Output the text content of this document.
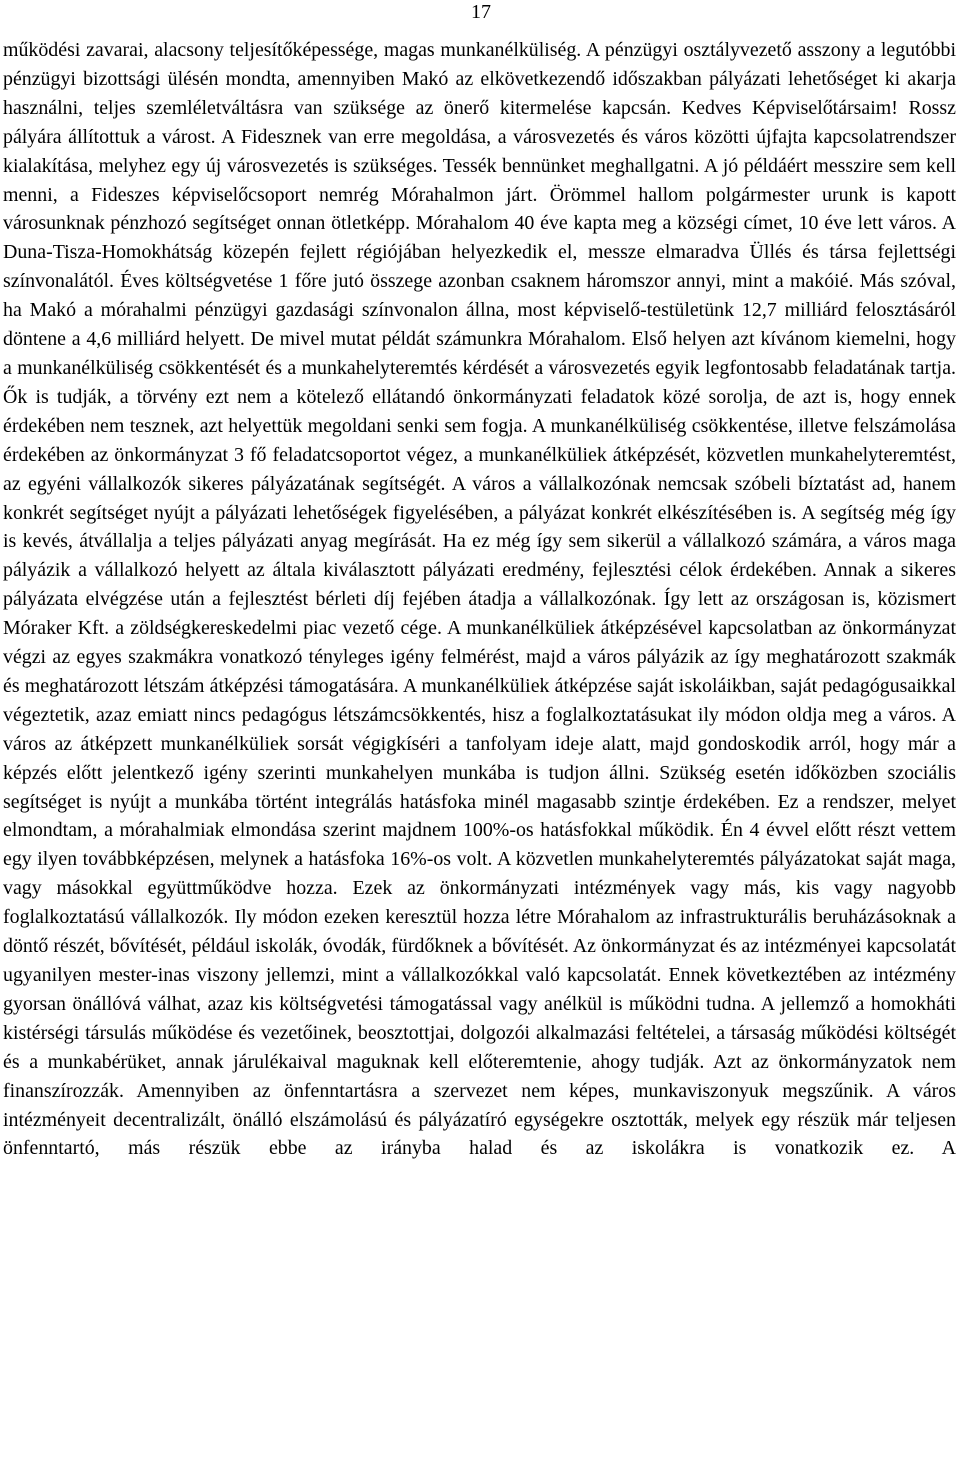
17

működési zavarai, alacsony teljesítőképessége, magas munkanélküliség. A pénzügyi osztályvezető asszony a legutóbbi pénzügyi bizottsági ülésén mondta, amennyiben Makó az elkövetkezendő időszakban pályázati lehetőséget ki akarja használni, teljes szemléletváltásra van szüksége az önerő kitermelése kapcsán. Kedves Képviselőtársaim! Rossz pályára állítottuk a várost. A Fidesznek van erre megoldása, a városvezetés és város közötti újfajta kapcsolatrendszer kialakítása, melyhez egy új városvezetés is szükséges. Tessék bennünket meghallgatni. A jó példáért messzire sem kell menni, a Fideszes képviselőcsoport nemrég Mórahalmon járt. Örömmel hallom polgármester urunk is kapott városunknak pénzhozó segítséget onnan ötletképp. Mórahalom 40 éve kapta meg a községi címet, 10 éve lett város. A Duna-Tisza-Homokhátság közepén fejlett régiójában helyezkedik el, messze elmaradva Üllés és társa fejlettségi színvonalától. Éves költségvetése 1 főre jutó összege azonban csaknem háromszor annyi, mint a makóié. Más szóval, ha Makó a mórahalmi pénzügyi gazdasági színvonalon állna, most képviselő-testületünk 12,7 milliárd felosztásáról döntene a 4,6 milliárd helyett. De mivel mutat példát számunkra Mórahalom. Első helyen azt kívánom kiemelni, hogy a munkanélküliség csökkentését és a munkahelyteremtés kérdését a városvezetés egyik legfontosabb feladatának tartja. Ők is tudják, a törvény ezt nem a kötelező ellátandó önkormányzati feladatok közé sorolja, de azt is, hogy ennek érdekében nem tesznek, azt helyettük megoldani senki sem fogja. A munkanélküliség csökkentése, illetve felszámolása érdekében az önkormányzat 3 fő feladatcsoportot végez, a munkanélküliek átképzését, közvetlen munkahelyteremtést, az egyéni vállalkozók sikeres pályázatának segítségét. A város a vállalkozónak nemcsak szóbeli bíztatást ad, hanem konkrét segítséget nyújt a pályázati lehetőségek figyelésében, a pályázat konkrét elkészítésében is. A segítség még így is kevés, átvállalja a teljes pályázati anyag megírását. Ha ez még így sem sikerül a vállalkozó számára, a város maga pályázik a vállalkozó helyett az általa kiválasztott pályázati eredmény, fejlesztési célok érdekében. Annak a sikeres pályázata elvégzése után a fejlesztést bérleti díj fejében átadja a vállalkozónak. Így lett az országosan is, közismert Móraker Kft. a zöldségkereskedelmi piac vezető cége. A munkanélküliek átképzésével kapcsolatban az önkormányzat végzi az egyes szakmákra vonatkozó tényleges igény felmérést, majd a város pályázik az így meghatározott szakmák és meghatározott létszám átképzési támogatására. A munkanélküliek átképzése saját iskoláikban, saját pedagógusaikkal végeztetik, azaz emiatt nincs pedagógus létszámcsökkentés, hisz a foglalkoztatásukat ily módon oldja meg a város. A város az átképzett munkanélküliek sorsát végigkíséri a tanfolyam ideje alatt, majd gondoskodik arról, hogy már a képzés előtt jelentkező igény szerinti munkahelyen munkába is tudjon állni. Szükség esetén időközben szociális segítséget is nyújt a munkába történt integrálás hatásfoka minél magasabb szintje érdekében. Ez a rendszer, melyet elmondtam, a mórahalmiak elmondása szerint majdnem 100%-os hatásfokkal működik. Én 4 évvel előtt részt vettem egy ilyen továbbképzésen, melynek a hatásfoka 16%-os volt. A közvetlen munkahelyteremtés pályázatokat saját maga, vagy másokkal együttműködve hozza. Ezek az önkormányzati intézmények vagy más, kis vagy nagyobb foglalkoztatású vállalkozók. Ily módon ezeken keresztül hozza létre Mórahalom az infrastrukturális beruházásoknak a döntő részét, bővítését, például iskolák, óvodák, fürdőknek a bővítését. Az önkormányzat és az intézményei kapcsolatát ugyanilyen mester-inas viszony jellemzi, mint a vállalkozókkal való kapcsolatát. Ennek következtében az intézmény gyorsan önállóvá válhat, azaz kis költségvetési támogatással vagy anélkül is működni tudna. A jellemző a homokháti kistérségi társulás működése és vezetőinek, beosztottjai, dolgozói alkalmazási feltételei, a társaság működési költségét és a munkabérüket, annak járulékaival maguknak kell előteremtenie, ahogy tudják. Azt az önkormányzatok nem finanszírozzák. Amennyiben az önfenntartásra a szervezet nem képes, munkaviszonyuk megszűnik. A város intézményeit decentralizált, önálló elszámolású és pályázatíró egységekre osztották, melyek egy részük már teljesen önfenntartó, más részük ebbe az irányba halad és az iskolákra is vonatkozik ez. A
